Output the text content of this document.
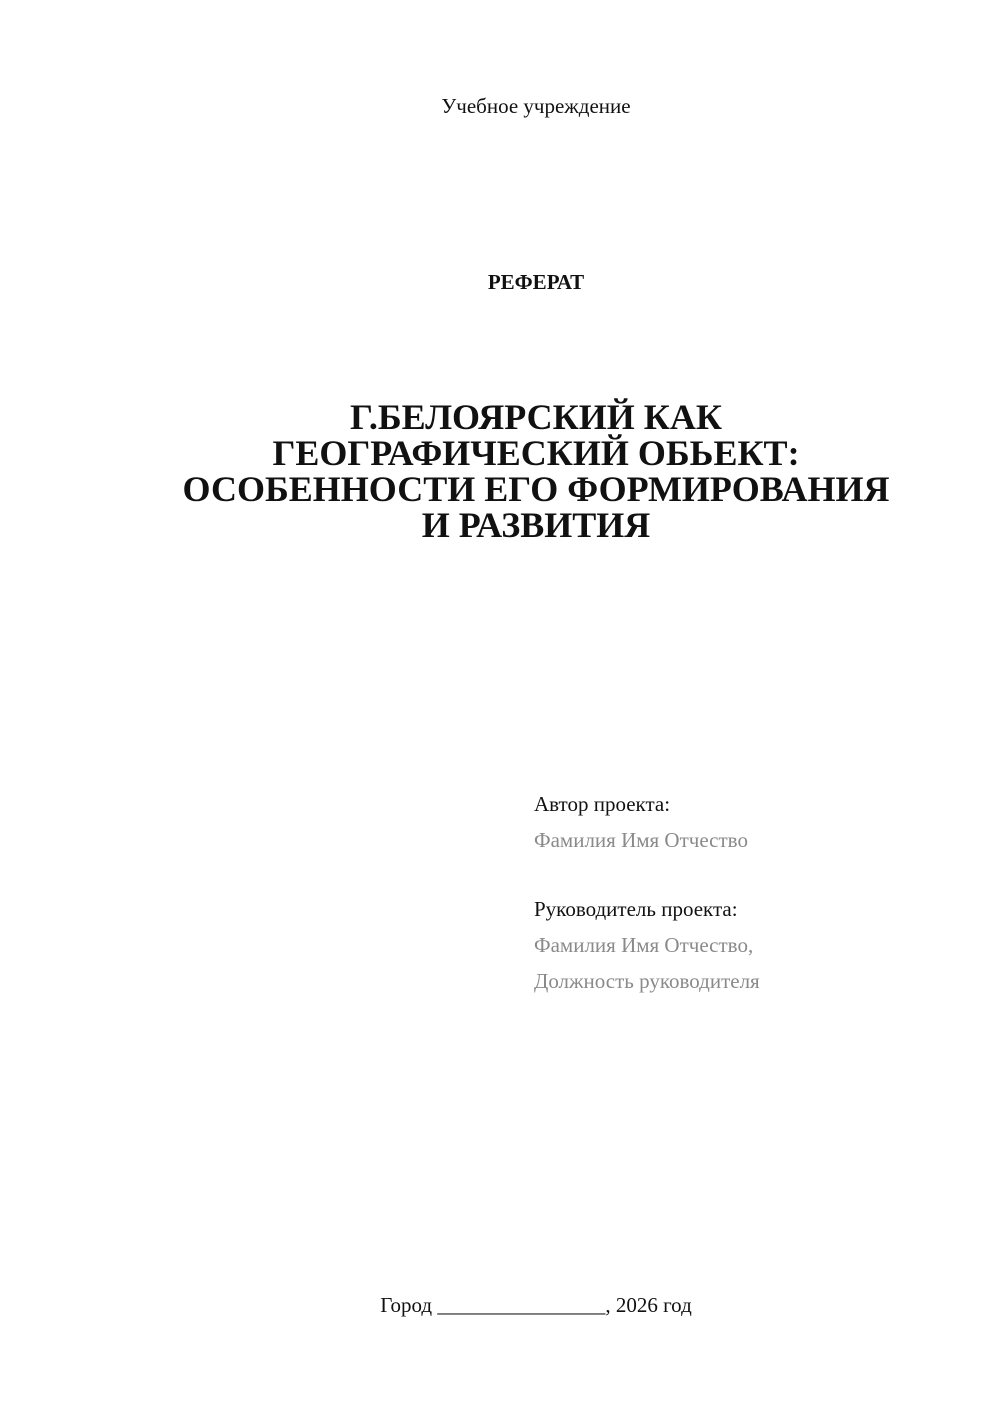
Учебное учреждение
РЕФЕРАТ
Г.БЕЛОЯРСКИЙ КАК
ГЕОГРАФИЧЕСКИЙ ОБЬЕКТ:
ОСОБЕННОСТИ ЕГО ФОРМИРОВАНИЯ
И РАЗВИТИЯ
Автор проекта:
Фамилия Имя Отчество
Руководитель проекта:
Фамилия Имя Отчество,
Должность руководителя
Город ________________, 2026 год
